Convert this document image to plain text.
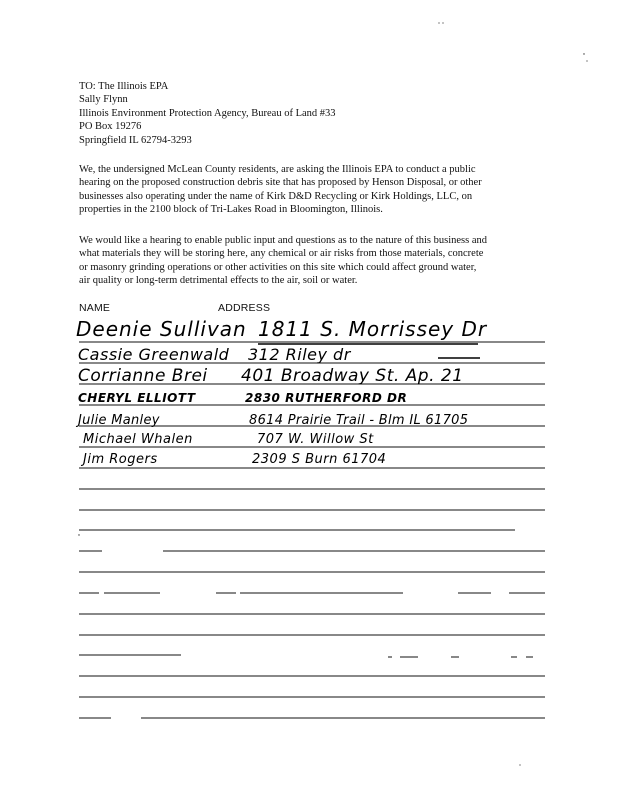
TO: The Illinois EPA
Sally Flynn
Illinois Environment Protection Agency, Bureau of Land #33
PO Box 19276
Springfield IL 62794-3293
We, the undersigned McLean County residents, are asking the Illinois EPA to conduct a public
hearing on the proposed construction debris site that has proposed by Henson Disposal, or other
businesses also operating under the name of Kirk D&D Recycling or Kirk Holdings, LLC, on
properties in the 2100 block of Tri-Lakes Road in Bloomington, Illinois.
We would like a hearing to enable public input and questions as to the nature of this business and
what materials they will be storing here, any chemical or air risks from those materials, concrete
or masonry grinding operations or other activities on this site which could affect ground water,
air quality or long-term detrimental effects to the air, soil or water.
NAME	ADDRESS
Deenie Sullivan 1811 S. Morrissey Dr
Cassie Greenwald 312 Riley dr
Corrianne Brei 401 Broadway St. Ap. 21
CHERYL ELLIOTT	2830 RUTHERFORD DR
Julie Manley	8614 Prairie Trail - Blm IL 61705
Michael Whalen	707 W. Willow St
Jim Rogers	2309 S Burn 61704
